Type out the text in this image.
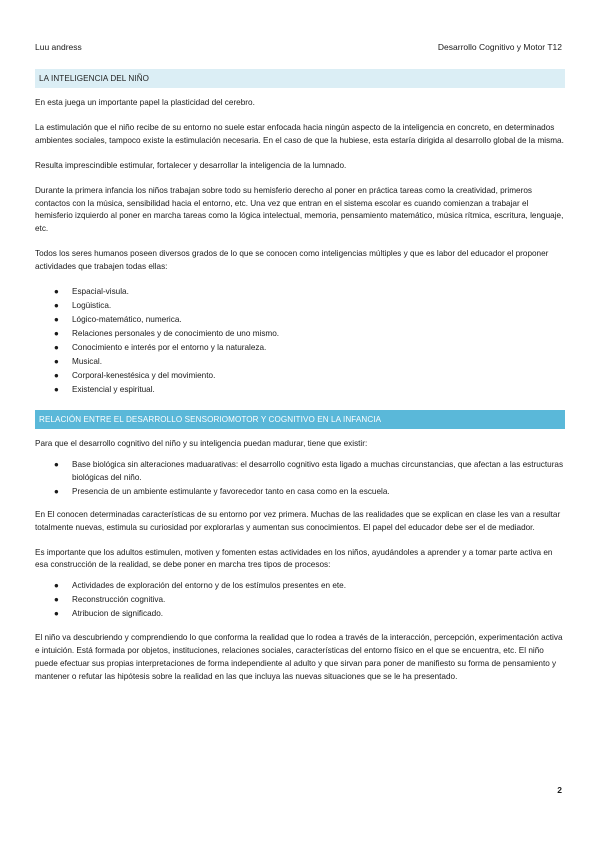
Luu andress	Desarrollo Cognitivo y Motor T12
LA INTELIGENCIA DEL NIÑO

En esta juega un importante papel la plasticidad del cerebro.

La estimulación que el niño recibe de su entorno no suele estar enfocada hacia ningún aspecto de la inteligencia en concreto, en determinados ambientes sociales, tampoco existe la estimulación necesaria. En el caso de que la hubiese, esta estaría dirigida al desarrollo global de la misma.

Resulta imprescindible estimular, fortalecer y desarrollar la inteligencia de la lumnado.

Durante la primera infancia los niños trabajan sobre todo su hemisferio derecho al poner en práctica tareas como la creatividad, primeros contactos con la música, sensibilidad hacia el entorno, etc. Una vez que entran en el sistema escolar es cuando comienzan a trabajar el hemisferio izquierdo al poner en marcha tareas como la lógica intelectual, memoria, pensamiento matemático, música rítmica, escritura, lenguaje, etc.

Todos los seres humanos poseen diversos grados de lo que se conocen como inteligencias múltiples y que es labor del educador el proponer actividades que trabajen todas ellas:

● Espacial-visula.
● Logüistica.
● Lógico-matemático, numerica.
● Relaciones personales y de conocimiento de uno mismo.
● Conocimiento e interés por el entorno y la naturaleza.
● Musical.
● Corporal-kenestésica y del movimiento.
● Existencial y espiritual.
RELACIÓN ENTRE EL DESARROLLO SENSORIOMOTOR Y COGNITIVO EN LA INFANCIA

Para que el desarrollo cognitivo del niño y su inteligencia puedan madurar, tiene que existir:

● Base biológica sin alteraciones maduarativas: el desarrollo cognitivo esta ligado a muchas circunstancias, que afectan a las estructuras biológicas del niño.
● Presencia de un ambiente estimulante y favorecedor tanto en casa como en la escuela.

En El conocen determinadas características de su entorno por vez primera. Muchas de las realidades que se explican en clase les van a resultar totalmente nuevas, estimula su curiosidad por explorarlas y aumentan sus conocimientos. El papel del educador debe ser el de mediador.

Es importante que los adultos estimulen, motiven y fomenten estas actividades en los niños, ayudándoles a aprender y a tomar parte activa en esa construcción de la realidad, se debe poner en marcha tres tipos de procesos:

● Actividades de exploración del entorno y de los estímulos presentes en ete.
● Reconstrucción cognitiva.
● Atribucion de significado.

El niño va descubriendo y comprendiendo lo que conforma la realidad que lo rodea a través de la interacción, percepción, experimentación activa e intuición. Está formada por objetos, instituciones, relaciones sociales, características del entorno físico en el que se encuentra, etc. El niño puede efectuar sus propias interpretaciones de forma independiente al adulto y que sirvan para poner de manifiesto su forma de pensamiento y mantener o refutar las hipótesis sobre la realidad en las que incluya las nuevas situaciones que se le ha presentado.

2
